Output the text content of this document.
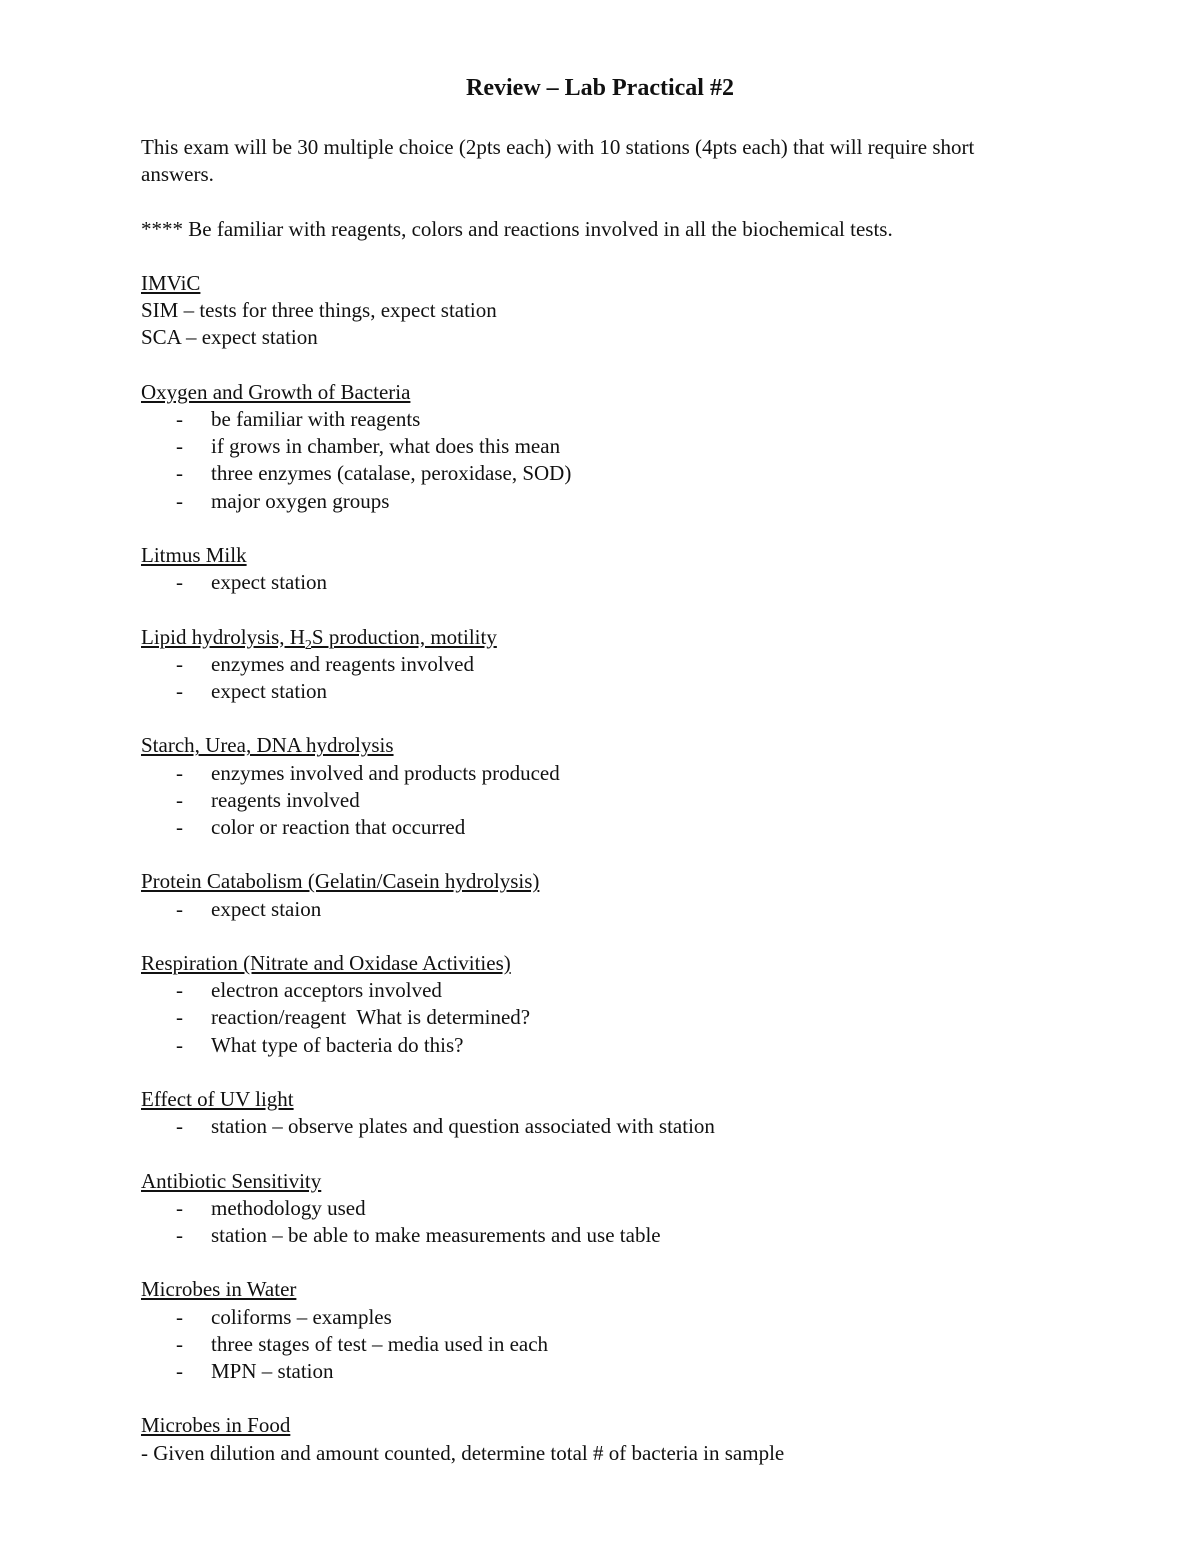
Review – Lab Practical #2

This exam will be 30 multiple choice (2pts each) with 10 stations (4pts each) that will require short answers.

**** Be familiar with reagents, colors and reactions involved in all the biochemical tests.

IMViC

SIM – tests for three things, expect station

SCA – expect station

Oxygen and Growth of Bacteria

- be familiar with reagents

- if grows in chamber, what does this mean

- three enzymes (catalase, peroxidase, SOD)

- major oxygen groups

Litmus Milk

- expect station

Lipid hydrolysis, $H_2S$ production, motility

- enzymes and reagents involved

- expect station

Starch, Urea, DNA hydrolysis

- enzymes involved and products produced

- reagents involved

- color or reaction that occurred

Protein Catabolism (Gelatin/Casein hydrolysis)

- expect staion

Respiration (Nitrate and Oxidase Activities)

- electron acceptors involved

- reaction/reagent  What is determined?

- What type of bacteria do this?

Effect of UV light

- station – observe plates and question associated with station

Antibiotic Sensitivity

- methodology used

- station – be able to make measurements and use table

Microbes in Water

- coliforms – examples

- three stages of test – media used in each

- MPN – station

Microbes in Food

- Given dilution and amount counted, determine total # of bacteria in sample
